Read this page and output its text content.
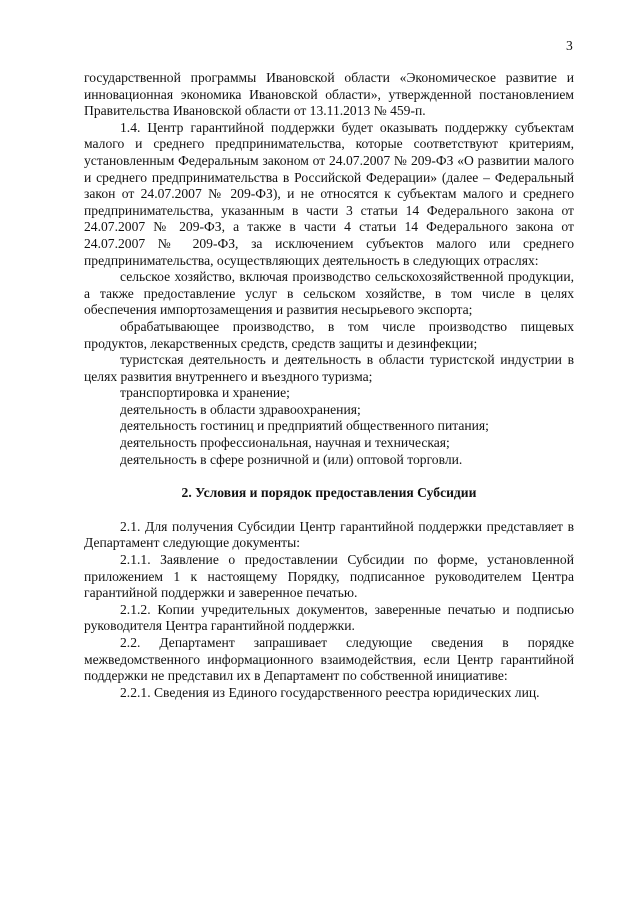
3

государственной программы Ивановской области «Экономическое развитие и инновационная экономика Ивановской области», утвержденной постановлением Правительства Ивановской области от 13.11.2013 № 459-п.

1.4. Центр гарантийной поддержки будет оказывать поддержку субъектам малого и среднего предпринимательства, которые соответствуют критериям, установленным Федеральным законом от 24.07.2007 № 209-ФЗ «О развитии малого и среднего предпринимательства в Российской Федерации» (далее – Федеральный закон от 24.07.2007 № 209-ФЗ), и не относятся к субъектам малого и среднего предпринимательства, указанным в части 3 статьи 14 Федерального закона от 24.07.2007 № 209-ФЗ, а также в части 4 статьи 14 Федерального закона от 24.07.2007 № 209-ФЗ, за исключением субъектов малого или среднего предпринимательства, осуществляющих деятельность в следующих отраслях:

сельское хозяйство, включая производство сельскохозяйственной продукции, а также предоставление услуг в сельском хозяйстве, в том числе в целях обеспечения импортозамещения и развития несырьевого экспорта;

обрабатывающее производство, в том числе производство пищевых продуктов, лекарственных средств, средств защиты и дезинфекции;

туристская деятельность и деятельность в области туристской индустрии в целях развития внутреннего и въездного туризма;

транспортировка и хранение;

деятельность в области здравоохранения;

деятельность гостиниц и предприятий общественного питания;

деятельность профессиональная, научная и техническая;

деятельность в сфере розничной и (или) оптовой торговли.

2. Условия и порядок предоставления Субсидии

2.1. Для получения Субсидии Центр гарантийной поддержки представляет в Департамент следующие документы:

2.1.1. Заявление о предоставлении Субсидии по форме, установленной приложением 1 к настоящему Порядку, подписанное руководителем Центра гарантийной поддержки и заверенное печатью.

2.1.2. Копии учредительных документов, заверенные печатью и подписью руководителя Центра гарантийной поддержки.

2.2. Департамент запрашивает следующие сведения в порядке межведомственного информационного взаимодействия, если Центр гарантийной поддержки не представил их в Департамент по собственной инициативе:

2.2.1. Сведения из Единого государственного реестра юридических лиц.
